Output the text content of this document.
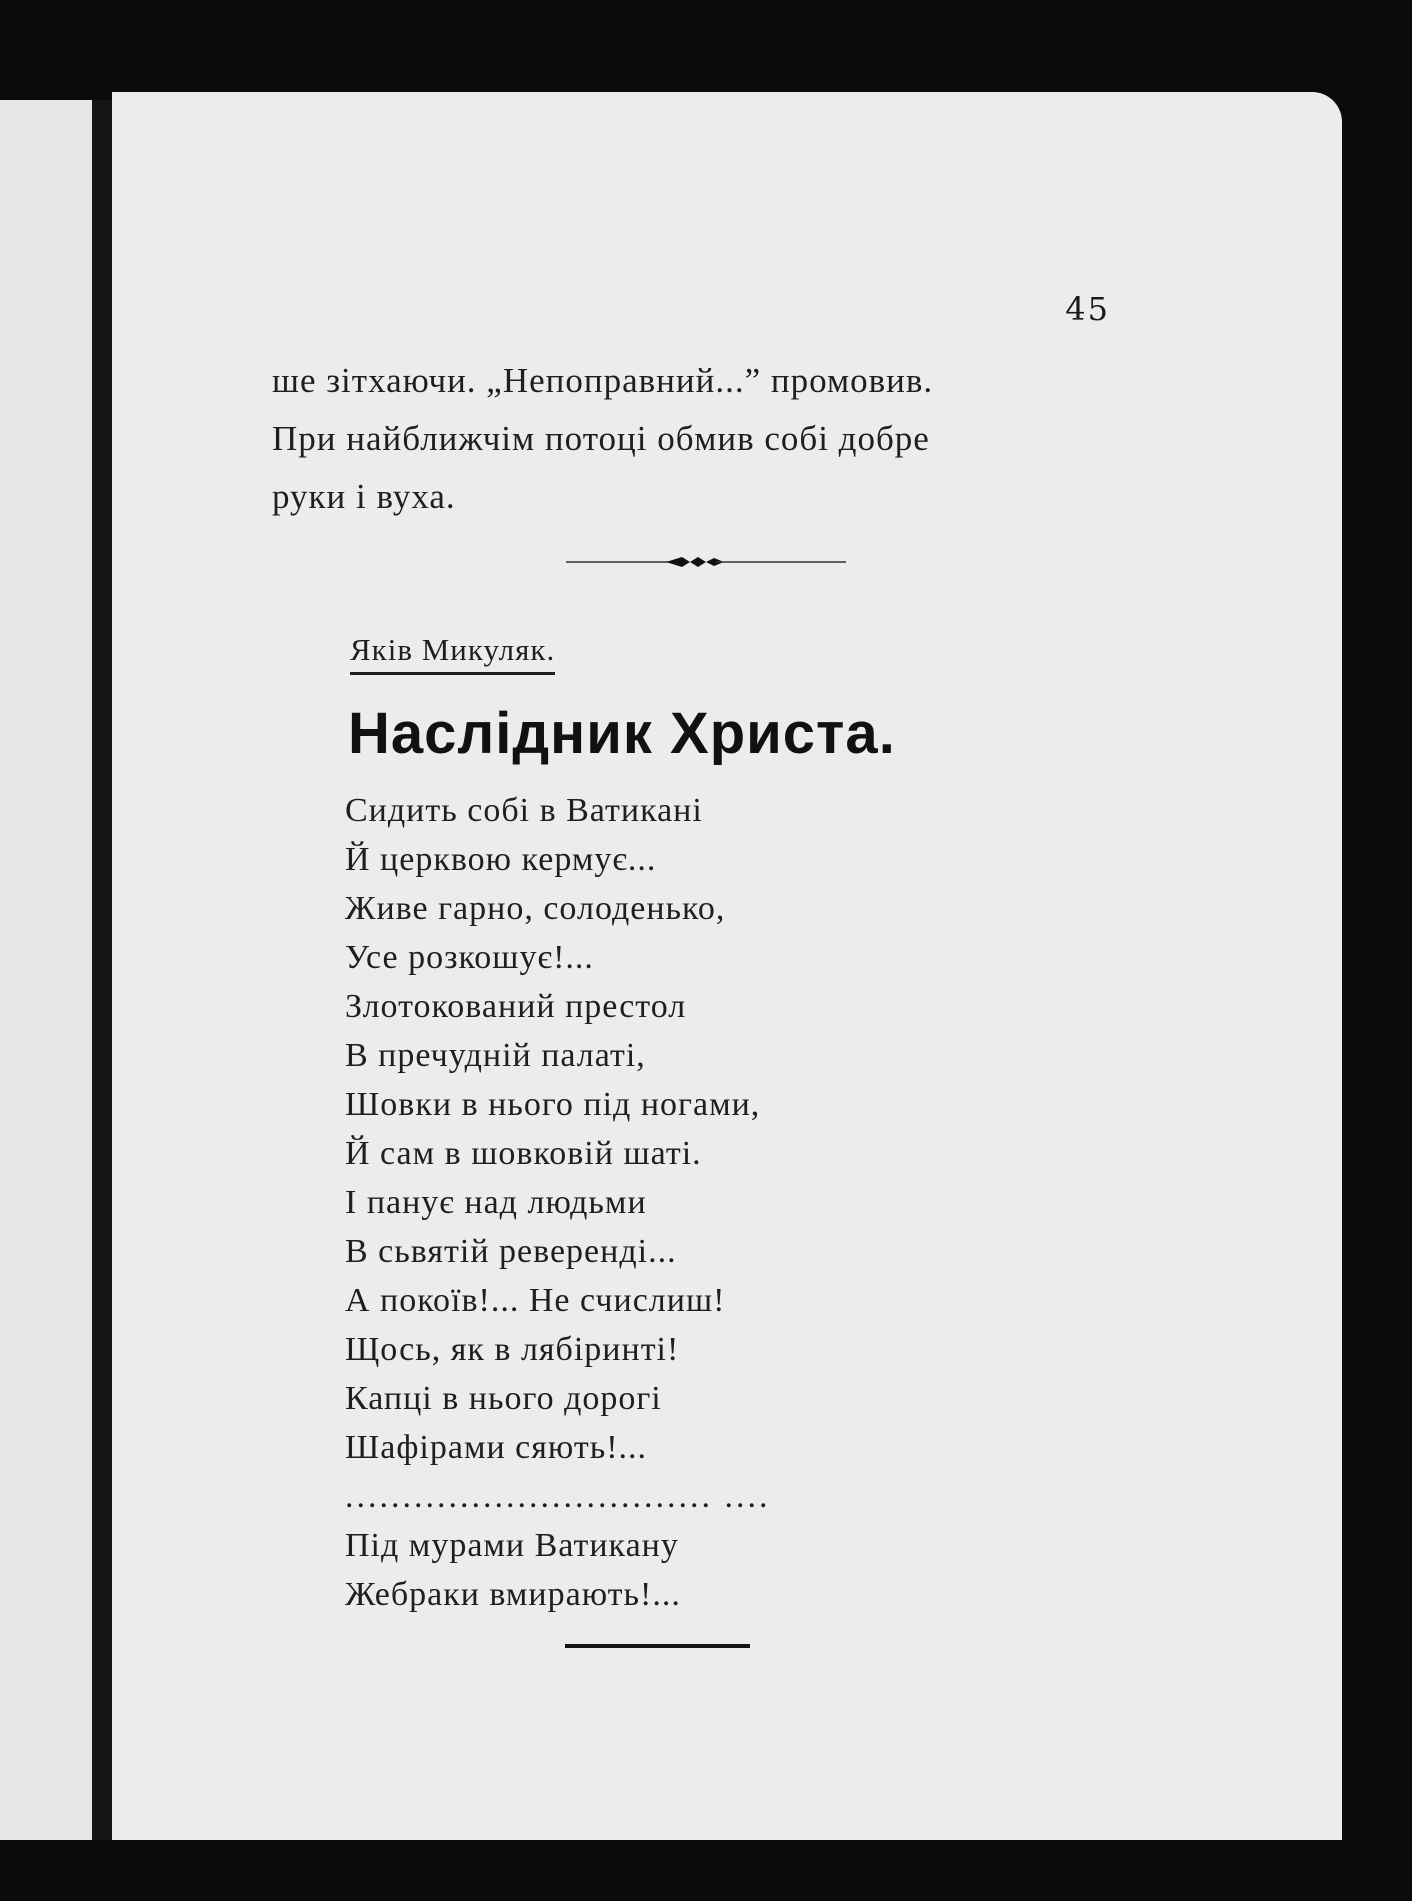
45
ше зітхаючи. „Непоправний...” промовив.
При найближчім потоці обмив собі добре
руки і вуха.
Яків Микуляк.
Наслідник Христа.
Сидить собі в Ватикані
Й церквою кермує...
Живе гарно, солоденько,
Усе розкошує!...
Злотокований престол
В пречудній палаті,
Шовки в нього під ногами,
Й сам в шовковій шаті.
І панує над людьми
В сьвятій реверенді...
А покоїв!... Не счислиш!
Щось, як в лябіринті!
Капці в нього дорогі
Шафірами сяють!...
................................ ....
Під мурами Ватикану
Жебраки вмирають!...
